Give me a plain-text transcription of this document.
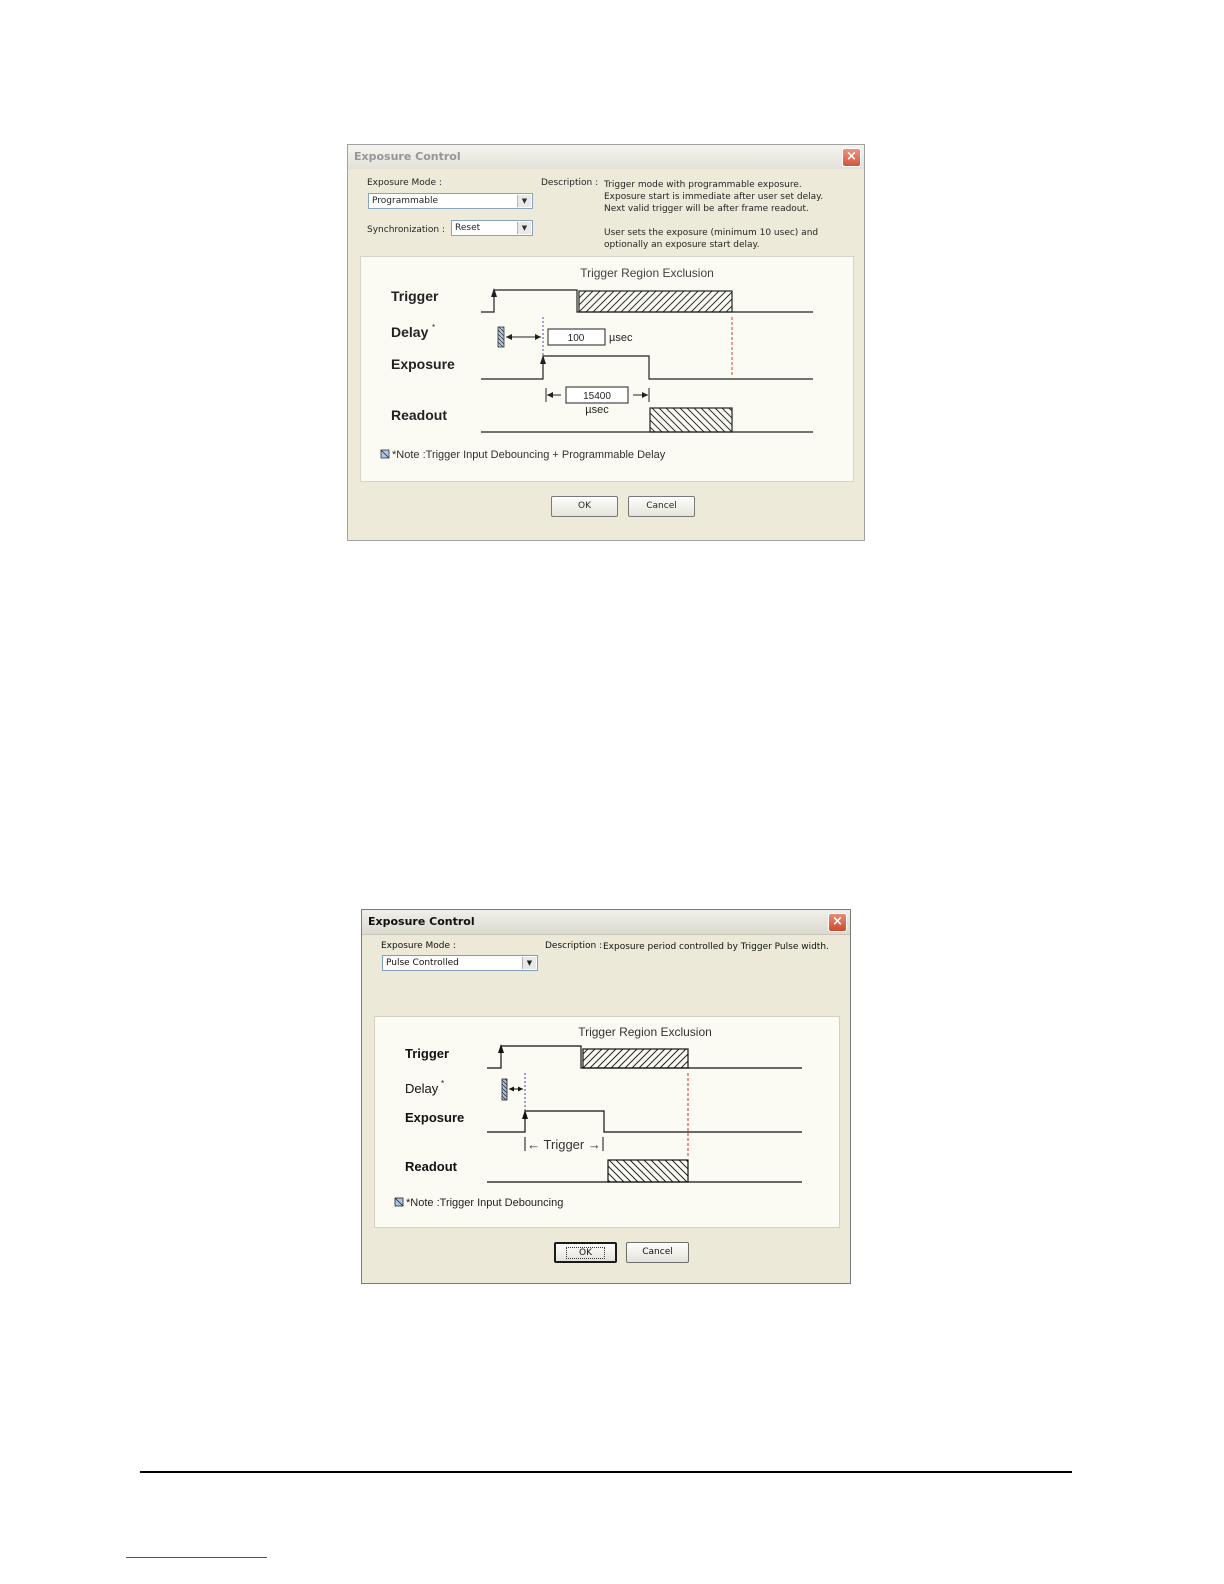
Exposure Control	×
Exposure Mode :
Programmable	▼
Synchronization : Reset	▼
Description : Trigger mode with programmable exposure.
Exposure start is immediate after user set delay.
Next valid trigger will be after frame readout.
User sets the exposure (minimum 10 usec) and
optionally an exposure start delay.
Trigger Region Exclusion
Trigger
Delay *
Exposure
Readout
100 µsec
15400
µsec
*Note :Trigger Input Debouncing + Programmable Delay
OK	Cancel
Exposure Control	×
Exposure Mode :
Pulse Controlled	▼
Description : Exposure period controlled by Trigger Pulse width.
Trigger Region Exclusion
Trigger
Delay *
Exposure
Readout
← Trigger →
*Note :Trigger Input Debouncing
OK	Cancel
